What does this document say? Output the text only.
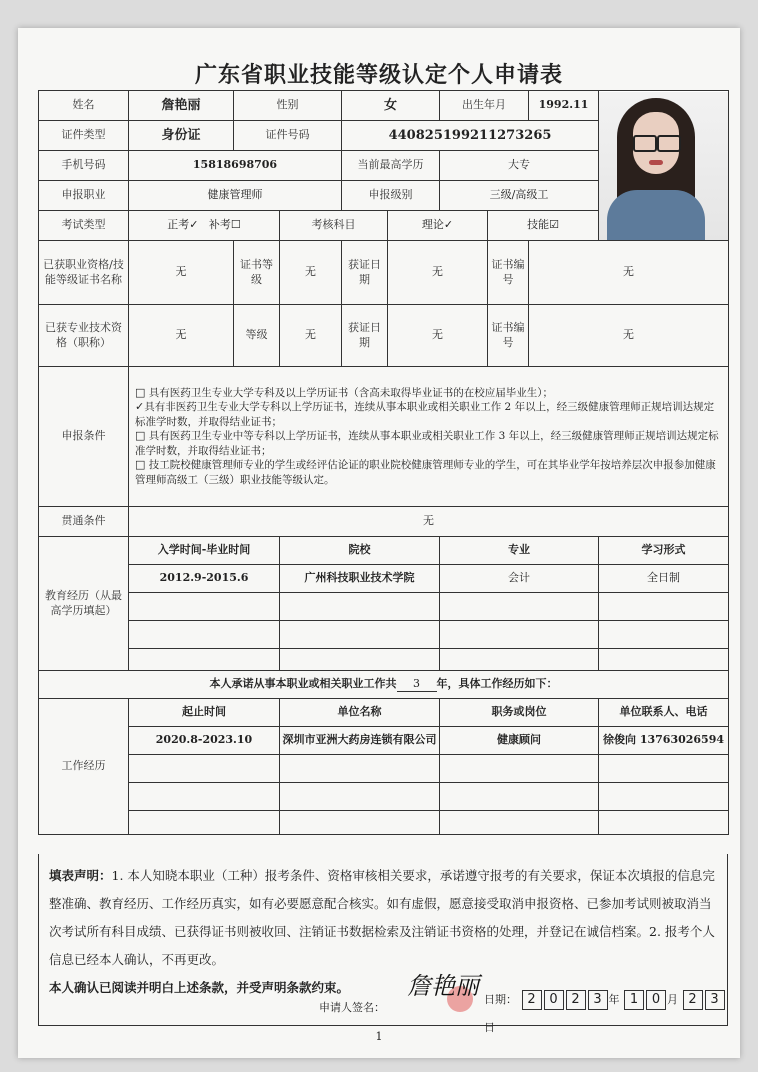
广东省职业技能等级认定个人申请表
姓名	詹艳丽	性别		女		出生年月		1992.11	

证件类型	身份证	证件号码		440825199211273265					
手机号码	15818698706			当前最高学历		大专			
申报职业	健康管理师			申报级别		三级/高级工			
考试类型	正考✓ 补考☐		考核科目		理论✓		技能☑		
已获职业资格/技能等级证书名称	无	证书等级	无	获证日期	无		证书编号	无	
已获专业技术资格（职称）	无	等级	无	获证日期	无		证书编号	无	
申报条件	□ 具有医药卫生专业大学专科及以上学历证书（含高未取得毕业证书的在校应届毕业生）；
✓具有非医药卫生专业大学专科以上学历证书，连续从事本职业或相关职业工作 2 年以上，经三级健康管理师正规培训达规定标准学时数，并取得结业证书；
□ 具有医药卫生专业中等专科以上学历证书，连续从事本职业或相关职业工作 3 年以上，经三级健康管理师正规培训达规定标准学时数，并取得结业证书；
□ 技工院校健康管理师专业的学生或经评估论证的职业院校健康管理师专业的学生，可在其毕业学年按培养层次申报参加健康管理师高级工（三级）职业技能等级认定。								

贯通条件	无								
教育经历（从最高学历填起）	入学时间-毕业时间		院校			专业			学习形式
	2012.9-2015.6		广州科技职业技术学院			会计			全日制

本人承诺从事本职业或相关职业工作共 3 年，具体工作经历如下：									
工作经历	起止时间		单位名称			职务或岗位			单位联系人、电话
	2020.8-2023.10		深圳市亚洲大药房连锁有限公司			健康顾问			徐俊向 13763026594

填表声明：1. 本人知晓本职业（工种）报考条件、资格审核相关要求，承诺遵守报考的有关要求，保证本次填报的信息完整准确、教育经历、工作经历真实，如有必要愿意配合核实。如有虚假，愿意接受取消申报资格、已参加考试则被取消当次考试所有科目成绩、已获得证书则被收回、注销证书数据检索及注销证书资格的处理，并登记在诚信档案。2. 报考个人信息已经本人确认，不再更改。
本人确认已阅读并明白上述条款，并受声明条款约束。
申请人签名：
詹艳丽 日期： 2 0 2 3 年 1 0 月 2 3日
1
